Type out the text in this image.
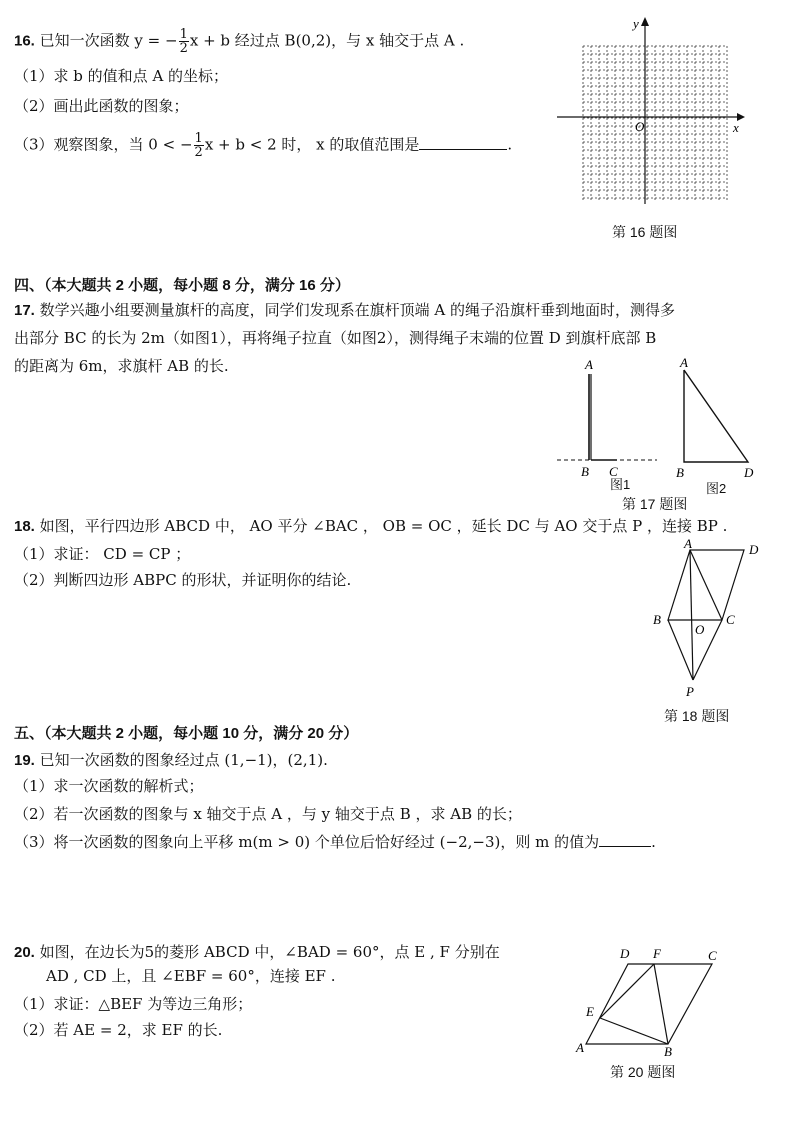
16. 已知一次函数 y = − $\frac{1}{2}$ x + b 经过点 B(0,2)，与 x 轴交于点 A .
（1）求 b 的值和点 A 的坐标；
（2）画出此函数的图象；
（3）观察图象，当 0 < − $\frac{1}{2}$ x + b < 2 时， x 的取值范围是	.
y
x
O
第 16 题图
四、（本大题共 2 小题，每小题 8 分，满分 16 分）
17. 数学兴趣小组要测量旗杆的高度，同学们发现系在旗杆顶端 A 的绳子沿旗杆垂到地面时，测得多
出部分 BC 的长为 2m（如图1），再将绳子拉直（如图2），测得绳子末端的位置 D 到旗杆底部 B
的距离为 6m，求旗杆 AB 的长.	A
B C
图1
A
B	D
图2
第 17 题图
18. 如图，平行四边形 ABCD 中， AO 平分 ∠BAC ， OB = OC ，延长 DC 与 AO 交于点 P ，连接 BP .
（1）求证： CD = CP ；
（2）判断四边形 ABPC 的形状，并证明你的结论.
A	D
B	C
O
P
第 18 题图
五、（本大题共 2 小题，每小题 10 分，满分 20 分）
19. 已知一次函数的图象经过点 (1,−1)，(2,1).
（1）求一次函数的解析式；
（2）若一次函数的图象与 x 轴交于点 A ，与 y 轴交于点 B ，求 AB 的长；
（3）将一次函数的图象向上平移 m(m > 0) 个单位后恰好经过 (−2,−3)，则 m 的值为	.
20. 如图，在边长为5的菱形 ABCD 中，∠BAD = 60°，点 E , F 分别在
AD , CD 上，且 ∠EBF = 60°，连接 EF .
（1）求证：△BEF 为等边三角形；
（2）若 AE = 2，求 EF 的长.
A	B
C
D
E
F
第 20 题图
